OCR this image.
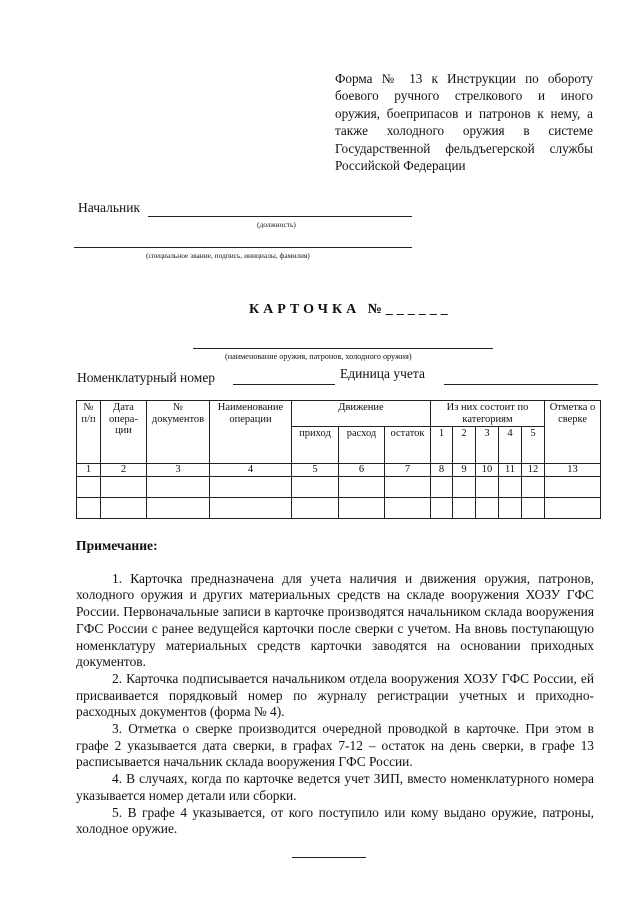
Форма № 13 к Инструкции по обороту
боевого ручного стрелкового и иного
оружия, боеприпасов и патронов к нему, а
также холодного оружия в системе
Государственной фельдъегерской службы
Российской Федерации
Начальник
(должность)
(специальное звание, подпись, инициалы, фамилия)
КАРТОЧКА №______
(наименование оружия, патронов, холодного оружия)
Номенклатурный номер	Единица учета
№ п/п	Дата опера-ции	№ документов	Наименование операции	Движение			Из них состоит по категориям					Отметка о сверке
				приход	расход	остаток	1	2	3	4	5	
1	2	3	4	5	6	7	8	9	10	11	12	13

Примечание:

1. Карточка предназначена для учета наличия и движения оружия, патронов, холодного оружия и других материальных средств на складе вооружения ХОЗУ ГФС России. Первоначальные записи в карточке производятся начальником склада вооружения ГФС России с ранее ведущейся карточки после сверки с учетом. На вновь поступающую номенклатуру материальных средств карточки заводятся на основании приходных документов.

2. Карточка подписывается начальником отдела вооружения ХОЗУ ГФС России, ей присваивается порядковый номер по журналу регистрации учетных и приходно-расходных документов (форма № 4).

3. Отметка о сверке производится очередной проводкой в карточке. При этом в графе 2 указывается дата сверки, в графах 7-12 – остаток на день сверки, в графе 13 расписывается начальник склада вооружения ГФС России.

4. В случаях, когда по карточке ведется учет ЗИП, вместо номенклатурного номера указывается номер детали или сборки.

5. В графе 4 указывается, от кого поступило или кому выдано оружие, патроны, холодное оружие.
